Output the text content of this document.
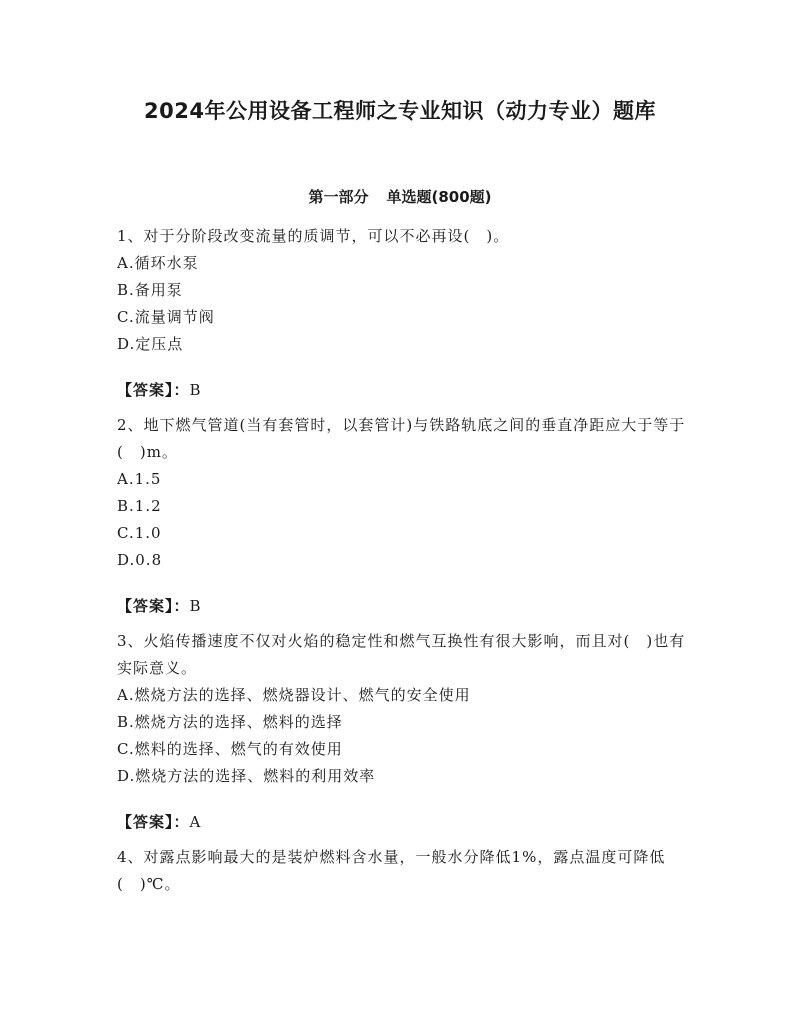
2024年公用设备工程师之专业知识（动力专业）题库
第一部分 单选题(800题)

1、对于分阶段改变流量的质调节，可以不必再设(　)。

A.循环水泵

B.备用泵

C.流量调节阀

D.定压点

【答案】：B

2、地下燃气管道(当有套管时，以套管计)与铁路轨底之间的垂直净距应大于等于(　)m。

A.1.5

B.1.2

C.1.0

D.0.8

【答案】：B

3、火焰传播速度不仅对火焰的稳定性和燃气互换性有很大影响，而且对(　)也有实际意义。

A.燃烧方法的选择、燃烧器设计、燃气的安全使用

B.燃烧方法的选择、燃料的选择

C.燃料的选择、燃气的有效使用

D.燃烧方法的选择、燃料的利用效率

【答案】：A

4、对露点影响最大的是装炉燃料含水量，一般水分降低1%，露点温度可降低(　)℃。
